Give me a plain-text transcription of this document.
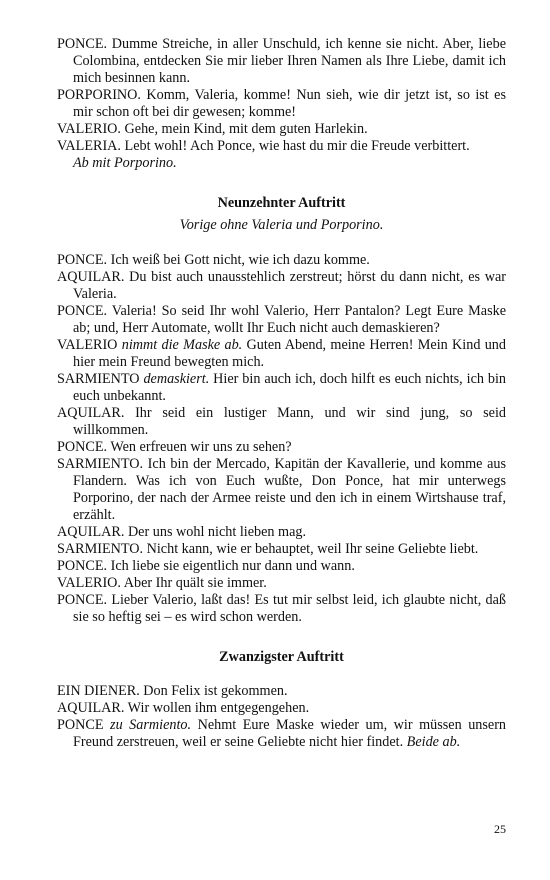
PONCE. Dumme Streiche, in aller Unschuld, ich kenne sie nicht. Aber, liebe Colombina, entdecken Sie mir lieber Ihren Namen als Ihre Liebe, damit ich mich besinnen kann.

PORPORINO. Komm, Valeria, komme! Nun sieh, wie dir jetzt ist, so ist es mir schon oft bei dir gewesen; komme!

VALERIO. Gehe, mein Kind, mit dem guten Harlekin.

VALERIA. Lebt wohl! Ach Ponce, wie hast du mir die Freude verbittert.
Ab mit Porporino.

Neunzehnter Auftritt

Vorige ohne Valeria und Porporino.

PONCE. Ich weiß bei Gott nicht, wie ich dazu komme.

AQUILAR. Du bist auch unausstehlich zerstreut; hörst du dann nicht, es war Valeria.

PONCE. Valeria! So seid Ihr wohl Valerio, Herr Pantalon? Legt Eure Maske ab; und, Herr Automate, wollt Ihr Euch nicht auch demaskieren?

VALERIO nimmt die Maske ab. Guten Abend, meine Herren! Mein Kind und hier mein Freund bewegten mich.

SARMIENTO demaskiert. Hier bin auch ich, doch hilft es euch nichts, ich bin euch unbekannt.

AQUILAR. Ihr seid ein lustiger Mann, und wir sind jung, so seid willkommen.

PONCE. Wen erfreuen wir uns zu sehen?

SARMIENTO. Ich bin der Mercado, Kapitän der Kavallerie, und komme aus Flandern. Was ich von Euch wußte, Don Ponce, hat mir unterwegs Porporino, der nach der Armee reiste und den ich in einem Wirtshause traf, erzählt.

AQUILAR. Der uns wohl nicht lieben mag.

SARMIENTO. Nicht kann, wie er behauptet, weil Ihr seine Geliebte liebt.

PONCE. Ich liebe sie eigentlich nur dann und wann.

VALERIO. Aber Ihr quält sie immer.

PONCE. Lieber Valerio, laßt das! Es tut mir selbst leid, ich glaubte nicht, daß sie so heftig sei – es wird schon werden.

Zwanzigster Auftritt

EIN DIENER. Don Felix ist gekommen.

AQUILAR. Wir wollen ihm entgegengehen.

PONCE zu Sarmiento. Nehmt Eure Maske wieder um, wir müssen unsern Freund zerstreuen, weil er seine Geliebte nicht hier findet. Beide ab.

25
